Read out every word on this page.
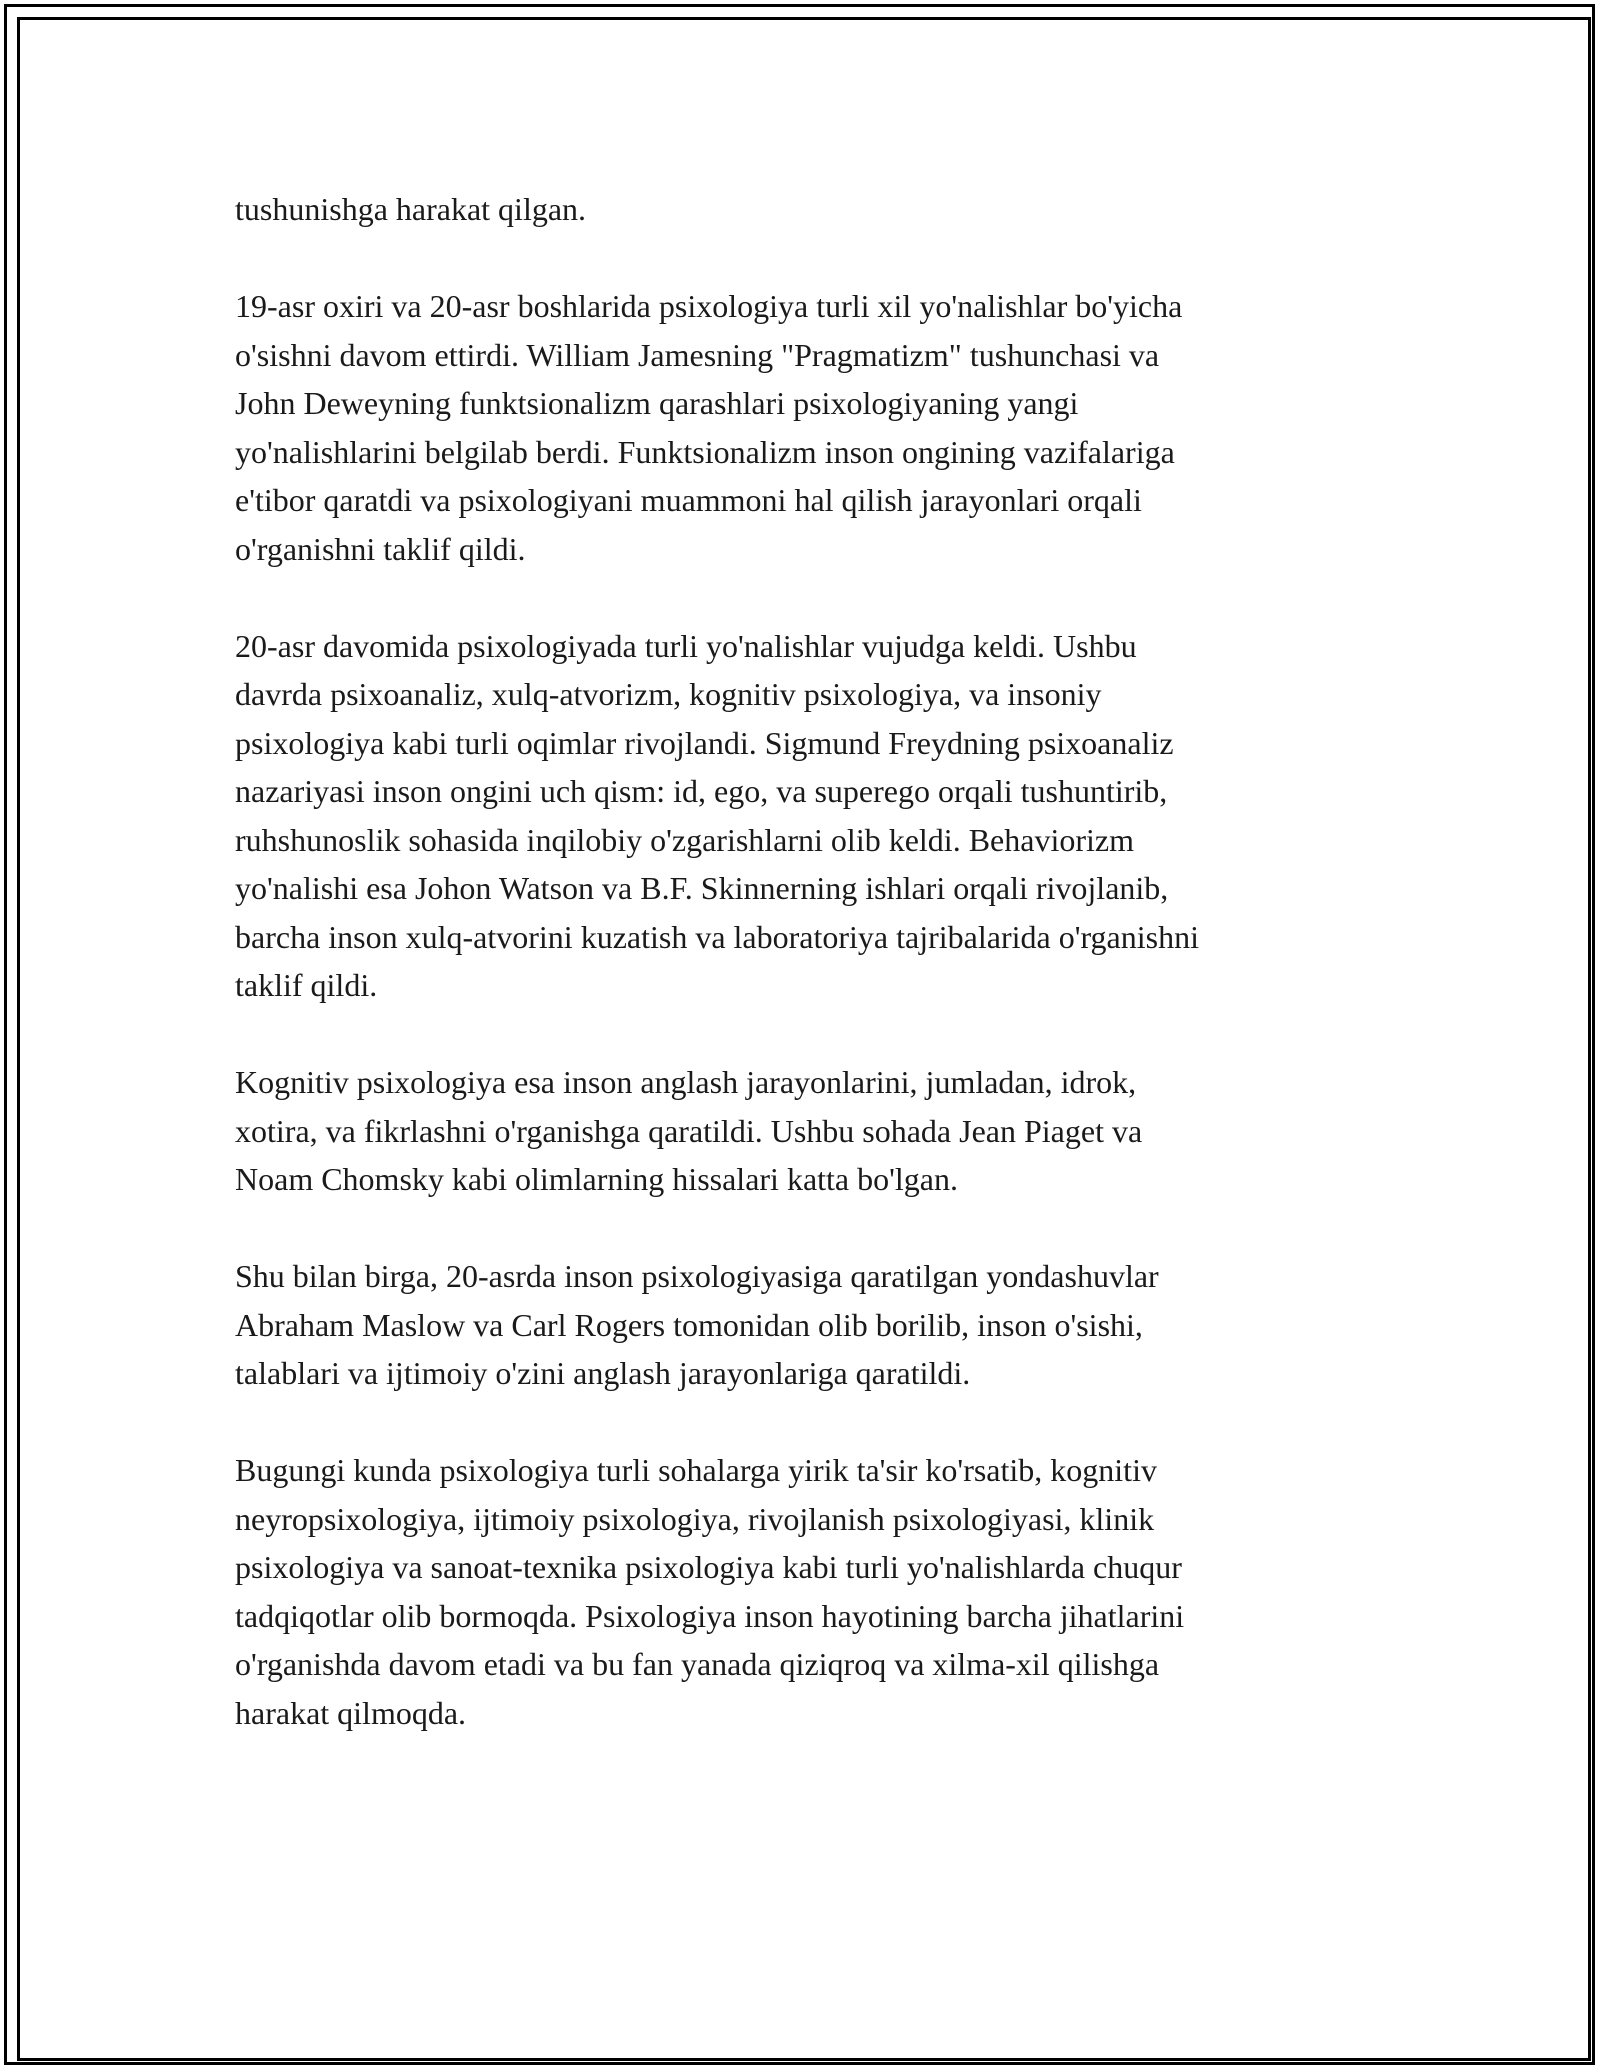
tushunishga harakat qilgan.

19-asr oxiri va 20-asr boshlarida psixologiya turli xil yo'nalishlar bo'yicha
o'sishni davom ettirdi. William Jamesning "Pragmatizm" tushunchasi va
John Deweyning funktsionalizm qarashlari psixologiyaning yangi
yo'nalishlarini belgilab berdi. Funktsionalizm inson ongining vazifalariga
e'tibor qaratdi va psixologiyani muammoni hal qilish jarayonlari orqali
o'rganishni taklif qildi.

20-asr davomida psixologiyada turli yo'nalishlar vujudga keldi. Ushbu
davrda psixoanaliz, xulq-atvorizm, kognitiv psixologiya, va insoniy
psixologiya kabi turli oqimlar rivojlandi. Sigmund Freydning psixoanaliz
nazariyasi inson ongini uch qism: id, ego, va superego orqali tushuntirib,
ruhshunoslik sohasida inqilobiy o'zgarishlarni olib keldi. Behaviorizm
yo'nalishi esa Johon Watson va B.F. Skinnerning ishlari orqali rivojlanib,
barcha inson xulq-atvorini kuzatish va laboratoriya tajribalarida o'rganishni
taklif qildi.

Kognitiv psixologiya esa inson anglash jarayonlarini, jumladan, idrok,
xotira, va fikrlashni o'rganishga qaratildi. Ushbu sohada Jean Piaget va
Noam Chomsky kabi olimlarning hissalari katta bo'lgan.

Shu bilan birga, 20-asrda inson psixologiyasiga qaratilgan yondashuvlar
Abraham Maslow va Carl Rogers tomonidan olib borilib, inson o'sishi,
talablari va ijtimoiy o'zini anglash jarayonlariga qaratildi.

Bugungi kunda psixologiya turli sohalarga yirik ta'sir ko'rsatib, kognitiv
neyropsixologiya, ijtimoiy psixologiya, rivojlanish psixologiyasi, klinik
psixologiya va sanoat-texnika psixologiya kabi turli yo'nalishlarda chuqur
tadqiqotlar olib bormoqda. Psixologiya inson hayotining barcha jihatlarini
o'rganishda davom etadi va bu fan yanada qiziqroq va xilma-xil qilishga
harakat qilmoqda.
